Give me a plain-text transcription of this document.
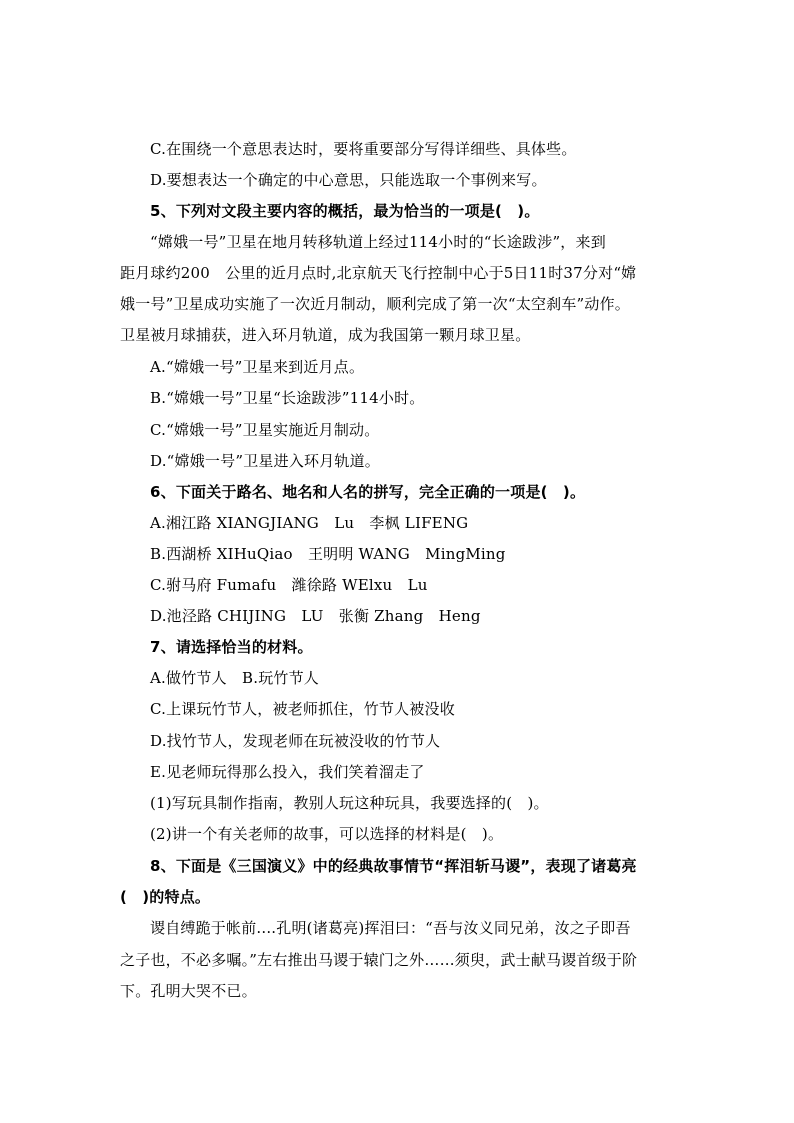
C.在围绕一个意思表达时，要将重要部分写得详细些、具体些。
D.要想表达一个确定的中心意思，只能选取一个事例来写。
5、下列对文段主要内容的概括，最为恰当的一项是(　)。
“嫦娥一号”卫星在地月转移轨道上经过114小时的“长途跋涉”，来到
距月球约200　公里的近月点时,北京航天飞行控制中心于5日11时37分对“嫦
娥一号”卫星成功实施了一次近月制动，顺利完成了第一次“太空刹车”动作。
卫星被月球捕获，进入环月轨道，成为我国第一颗月球卫星。
A.“嫦娥一号”卫星来到近月点。
B.“嫦娥一号”卫星“长途跋涉”114小时。
C.“嫦娥一号”卫星实施近月制动。
D.“嫦娥一号”卫星进入环月轨道。
6、下面关于路名、地名和人名的拼写，完全正确的一项是(　)。
A.湘江路 XIANGJIANG　Lu　李枫 LIFENG
B.西湖桥 XIHuQiao　王明明 WANG　MingMing
C.驸马府 Fumafu　潍徐路 WElxu　Lu
D.池泾路 CHIJING　LU　张衡 Zhang　Heng
7、请选择恰当的材料。
A.做竹节人　B.玩竹节人
C.上课玩竹节人，被老师抓住，竹节人被没收
D.找竹节人，发现老师在玩被没收的竹节人
E.见老师玩得那么投入，我们笑着溜走了
(1)写玩具制作指南，教别人玩这种玩具，我要选择的(　)。
(2)讲一个有关老师的故事，可以选择的材料是(　)。
8、下面是《三国演义》中的经典故事情节“挥泪斩马谡”，表现了诸葛亮
(　)的特点。
谡自缚跪于帐前....孔明(诸葛亮)挥泪曰：“吾与汝义同兄弟，汝之子即吾
之子也，不必多嘱。”左右推出马谡于辕门之外……须臾，武士献马谡首级于阶
下。孔明大哭不已。
